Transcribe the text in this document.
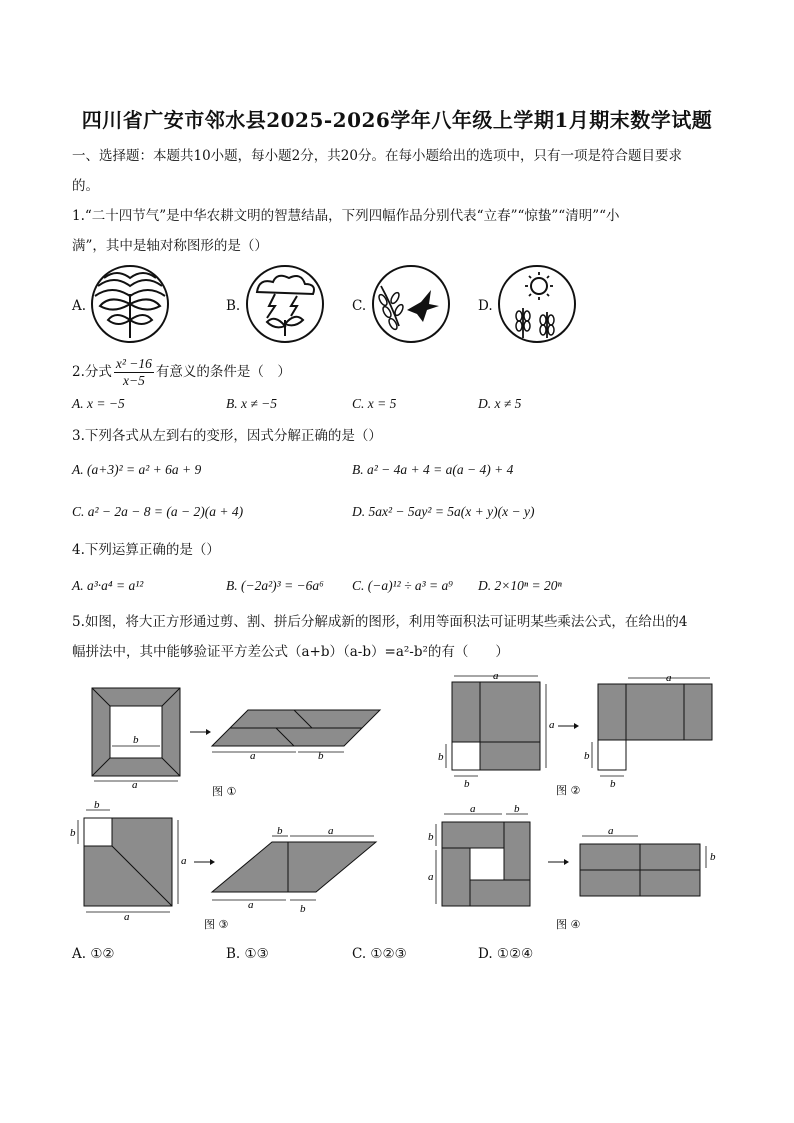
四川省广安市邻水县2025-2026学年八年级上学期1月期末数学试题
一、选择题：本题共10小题，每小题2分，共20分。在每小题给出的选项中，只有一项是符合题目要求
的。
1.“二十四节气”是中华农耕文明的智慧结晶，下列四幅作品分别代表“立春”“惊蛰”“清明”“小
满”，其中是轴对称图形的是（）
A.	B.	C.	D.
2.分式 $\frac{\text{x² −16}}{x-5}$ 有意义的条件是（　）
A. x = −5	B. x ≠ −5	C. x = 5	D. x ≠ 5
3.下列各式从左到右的变形，因式分解正确的是（）
A. (a+3)² = a² + 6a + 9	B. a² − 4a + 4 = a(a − 4) + 4
C. a² − 2a − 8 = (a − 2)(a + 4)	D. 5ax² − 5ay² = 5a(x + y)(x − y)
4.下列运算正确的是（）
A. a³·a⁴ = a¹²	B. (−2a²)³ = −6a⁶ C. (−a)¹² ÷ a³ = a⁹ D. 2×10ⁿ = 20ⁿ
5.如图，将大正方形通过剪、割、拼后分解成新的图形，利用等面积法可证明某些乘法公式，在给出的4
幅拼法中，其中能够验证平方差公式（a+b）（a-b）=a²-b²的有（　　）
b
a
a	b
图 ①
a
a
b
b
a
b
b
图 ②
b
b
a
a
b	a
a	b
图 ③
a	b
b
a
a
b
图 ④
A. ①②	B. ①③	C. ①②③	D. ①②④
